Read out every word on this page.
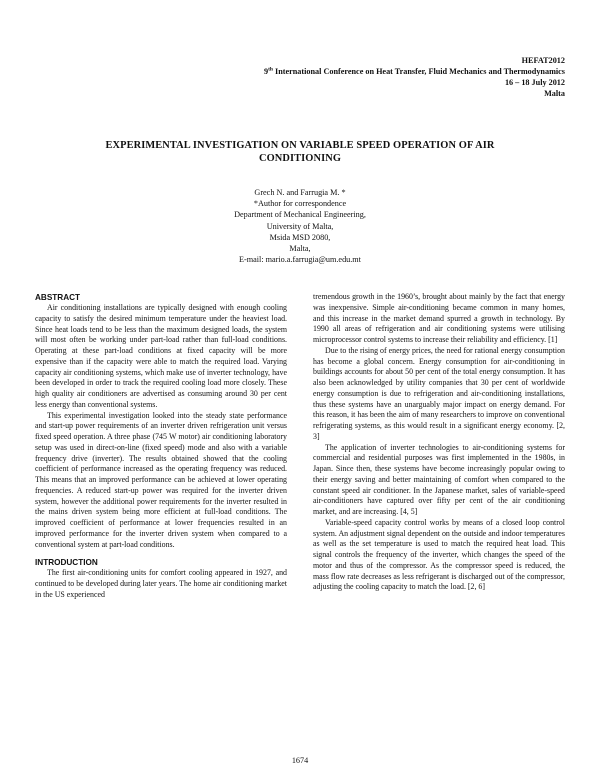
HEFAT2012
9th International Conference on Heat Transfer, Fluid Mechanics and Thermodynamics
16 – 18 July 2012
Malta
EXPERIMENTAL INVESTIGATION ON VARIABLE SPEED OPERATION OF AIR
CONDITIONING
Grech N. and Farrugia M. *
*Author for correspondence
Department of Mechanical Engineering,
University of Malta,
Msida MSD 2080,
Malta,
E-mail: mario.a.farrugia@um.edu.mt
ABSTRACT

Air conditioning installations are typically designed with enough cooling capacity to satisfy the desired minimum temperature under the heaviest load. Since heat loads tend to be less than the maximum designed loads, the system will most often be working under part-load rather than full-load conditions. Operating at these part-load conditions at fixed capacity will be more expensive than if the capacity were able to match the required load. Varying capacity air conditioning systems, which make use of inverter technology, have been developed in order to track the required cooling load more closely. These high quality air conditioners are advertised as consuming around 30 per cent less energy than conventional systems.

This experimental investigation looked into the steady state performance and start-up power requirements of an inverter driven refrigeration unit versus fixed speed operation. A three phase (745 W motor) air conditioning laboratory setup was used in direct-on-line (fixed speed) mode and also with a variable frequency drive (inverter). The results obtained showed that the cooling coefficient of performance increased as the operating frequency was reduced. This means that an improved performance can be achieved at lower operating frequencies. A reduced start-up power was required for the inverter driven system, however the additional power requirements for the inverter resulted in the mains driven system being more efficient at full-load conditions. The improved coefficient of performance at lower frequencies resulted in an improved performance for the inverter driven system when compared to a conventional system at part-load conditions.

INTRODUCTION

The first air-conditioning units for comfort cooling appeared in 1927, and continued to be developed during later years. The home air conditioning market in the US experienced

tremendous growth in the 1960’s, brought about mainly by the fact that energy was inexpensive. Simple air-conditioning became common in many homes, and this increase in the market demand spurred a growth in technology. By 1990 all areas of refrigeration and air conditioning systems were utilising microprocessor control systems to increase their reliability and efficiency. [1]

Due to the rising of energy prices, the need for rational energy consumption has become a global concern. Energy consumption for air-conditioning in buildings accounts for about 50 per cent of the total energy consumption. It has also been acknowledged by utility companies that 30 per cent of worldwide energy consumption is due to refrigeration and air-conditioning installations, thus these systems have an unarguably major impact on energy demand. For this reason, it has been the aim of many researchers to improve on conventional refrigerating systems, as this would result in a significant energy economy. [2, 3]

The application of inverter technologies to air-conditioning systems for commercial and residential purposes was first implemented in the 1980s, in Japan. Since then, these systems have become increasingly popular owing to their energy saving and better maintaining of comfort when compared to the constant speed air conditioner. In the Japanese market, sales of variable-speed air-conditioners have captured over fifty per cent of the air conditioning market, and are increasing. [4, 5]

Variable-speed capacity control works by means of a closed loop control system. An adjustment signal dependent on the outside and indoor temperatures as well as the set temperature is used to match the required heat load. This signal controls the frequency of the inverter, which changes the speed of the motor and thus of the compressor. As the compressor speed is reduced, the mass flow rate decreases as less refrigerant is discharged out of the compressor, adjusting the cooling capacity to match the load. [2, 6]

1674
